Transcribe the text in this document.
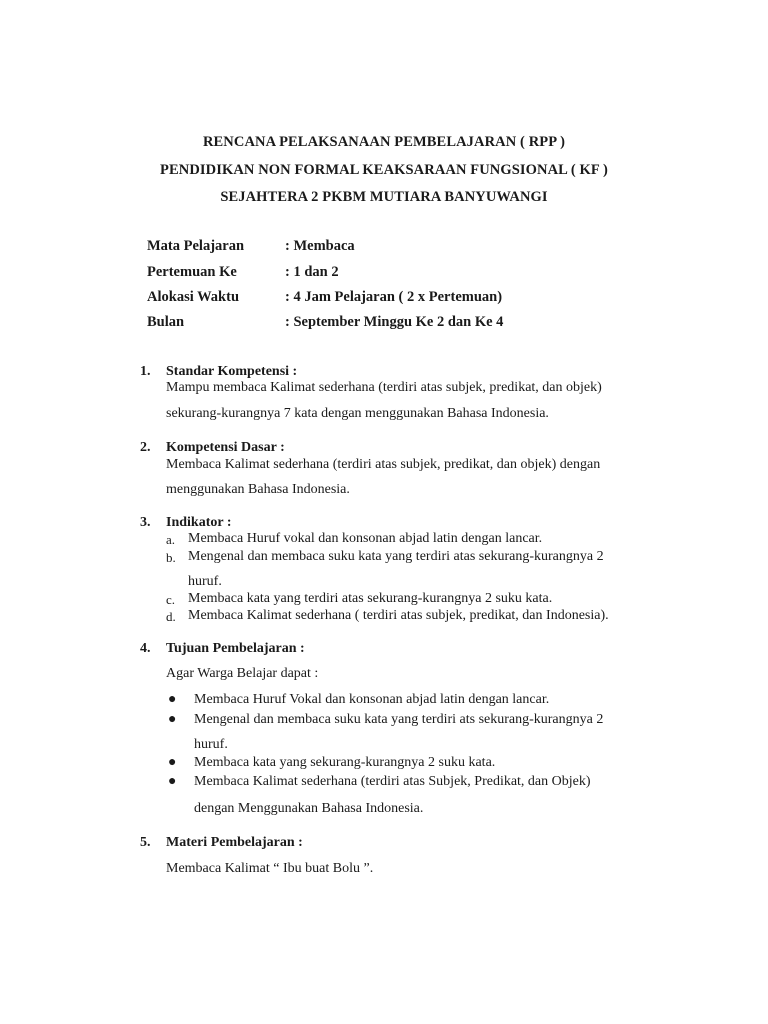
RENCANA PELAKSANAAN PEMBELAJARAN ( RPP )
PENDIDIKAN NON FORMAL KEAKSARAAN FUNGSIONAL ( KF )
SEJAHTERA 2 PKBM MUTIARA BANYUWANGI
Mata Pelajaran	: Membaca
Pertemuan Ke	: 1 dan 2
Alokasi Waktu	: 4 Jam Pelajaran ( 2 x Pertemuan)
Bulan	: September Minggu Ke 2 dan Ke 4
1. Standar Kompetensi :
Mampu membaca Kalimat sederhana (terdiri atas subjek, predikat, dan objek)
sekurang-kurangnya 7 kata dengan menggunakan Bahasa Indonesia.
2. Kompetensi Dasar :
Membaca Kalimat sederhana (terdiri atas subjek, predikat, dan objek) dengan
menggunakan Bahasa Indonesia.
3. Indikator :
a. Membaca Huruf vokal dan konsonan abjad latin dengan lancar.
b. Mengenal dan membaca suku kata yang terdiri atas sekurang-kurangnya 2
huruf.
c. Membaca kata yang terdiri atas sekurang-kurangnya 2 suku kata.
d. Membaca Kalimat sederhana ( terdiri atas subjek, predikat, dan Indonesia).
4. Tujuan Pembelajaran :
Agar Warga Belajar dapat :
● Membaca Huruf Vokal dan konsonan abjad latin dengan lancar.
● Mengenal dan membaca suku kata yang terdiri ats sekurang-kurangnya 2
huruf.
● Membaca kata yang sekurang-kurangnya 2 suku kata.
● Membaca Kalimat sederhana (terdiri atas Subjek, Predikat, dan Objek)
dengan Menggunakan Bahasa Indonesia.
5. Materi Pembelajaran :
Membaca Kalimat “ Ibu buat Bolu ”.
